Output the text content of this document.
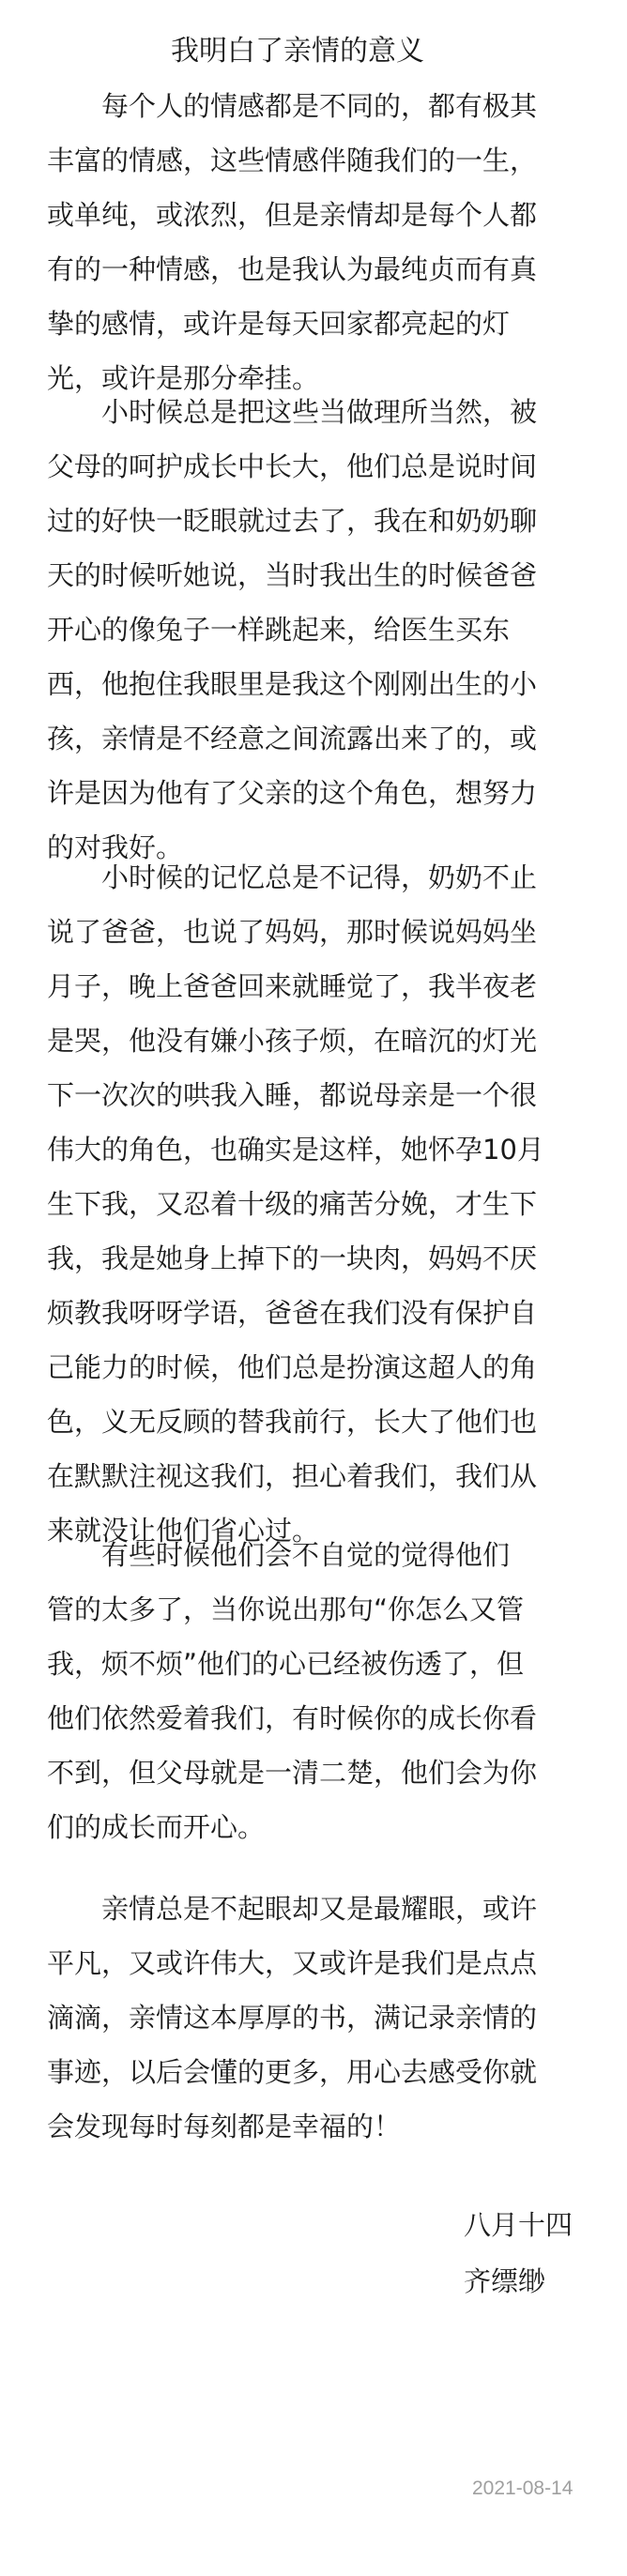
我明白了亲情的意义

　　每个人的情感都是不同的，都有极其
丰富的情感，这些情感伴随我们的一生，
或单纯，或浓烈，但是亲情却是每个人都
有的一种情感，也是我认为最纯贞而有真
挚的感情，或许是每天回家都亮起的灯
光，或许是那分牵挂。

　　小时候总是把这些当做理所当然，被
父母的呵护成长中长大，他们总是说时间
过的好快一眨眼就过去了，我在和奶奶聊
天的时候听她说，当时我出生的时候爸爸
开心的像兔子一样跳起来，给医生买东
西，他抱住我眼里是我这个刚刚出生的小
孩，亲情是不经意之间流露出来了的，或
许是因为他有了父亲的这个角色，想努力
的对我好。

　　小时候的记忆总是不记得，奶奶不止
说了爸爸，也说了妈妈，那时候说妈妈坐
月子，晚上爸爸回来就睡觉了，我半夜老
是哭，他没有嫌小孩子烦，在暗沉的灯光
下一次次的哄我入睡，都说母亲是一个很
伟大的角色，也确实是这样，她怀孕10月
生下我，又忍着十级的痛苦分娩，才生下
我，我是她身上掉下的一块肉，妈妈不厌
烦教我呀呀学语，爸爸在我们没有保护自
己能力的时候，他们总是扮演这超人的角
色，义无反顾的替我前行，长大了他们也
在默默注视这我们，担心着我们，我们从
来就没让他们省心过。

　　有些时候他们会不自觉的觉得他们
管的太多了，当你说出那句“你怎么又管
我，烦不烦”他们的心已经被伤透了，但
他们依然爱着我们，有时候你的成长你看
不到，但父母就是一清二楚，他们会为你
们的成长而开心。

　　亲情总是不起眼却又是最耀眼，或许
平凡，又或许伟大，又或许是我们是点点
滴滴，亲情这本厚厚的书，满记录亲情的
事迹，以后会懂的更多，用心去感受你就
会发现每时每刻都是幸福的！

八月十四
齐缥缈
2021-08-14
